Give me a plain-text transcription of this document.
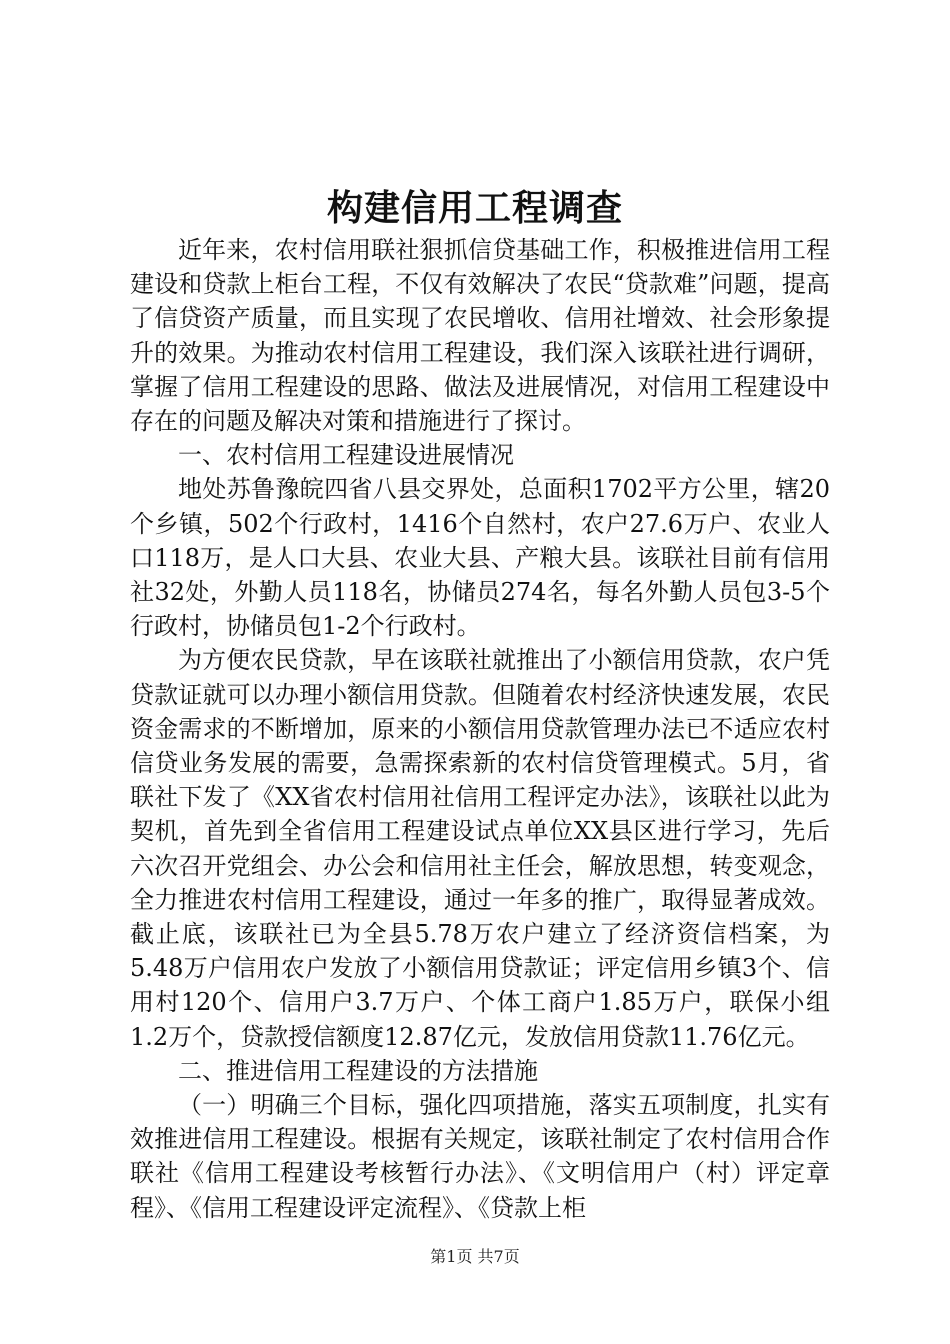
构建信用工程调查

近年来，农村信用联社狠抓信贷基础工作，积极推进信用工程建设和贷款上柜台工程，不仅有效解决了农民“贷款难”问题，提高了信贷资产质量，而且实现了农民增收、信用社增效、社会形象提升的效果。为推动农村信用工程建设，我们深入该联社进行调研，掌握了信用工程建设的思路、做法及进展情况，对信用工程建设中存在的问题及解决对策和措施进行了探讨。

一、农村信用工程建设进展情况

地处苏鲁豫皖四省八县交界处，总面积1702平方公里，辖20个乡镇，502个行政村，1416个自然村，农户27.6万户、农业人口118万，是人口大县、农业大县、产粮大县。该联社目前有信用社32处，外勤人员118名，协储员274名，每名外勤人员包3-5个行政村，协储员包1-2个行政村。

为方便农民贷款，早在该联社就推出了小额信用贷款，农户凭贷款证就可以办理小额信用贷款。但随着农村经济快速发展，农民资金需求的不断增加，原来的小额信用贷款管理办法已不适应农村信贷业务发展的需要，急需探索新的农村信贷管理模式。5月，省联社下发了《XX省农村信用社信用工程评定办法》，该联社以此为契机，首先到全省信用工程建设试点单位XX县区进行学习，先后六次召开党组会、办公会和信用社主任会，解放思想，转变观念，全力推进农村信用工程建设，通过一年多的推广，取得显著成效。截止底，该联社已为全县5.78万农户建立了经济资信档案，为5.48万户信用农户发放了小额信用贷款证；评定信用乡镇3个、信用村120个、信用户3.7万户、个体工商户1.85万户，联保小组1.2万个，贷款授信额度12.87亿元，发放信用贷款11.76亿元。

二、推进信用工程建设的方法措施

（一）明确三个目标，强化四项措施，落实五项制度，扎实有效推进信用工程建设。根据有关规定，该联社制定了农村信用合作联社《信用工程建设考核暂行办法》、《文明信用户（村）评定章程》、《信用工程建设评定流程》、《贷款上柜

第1页 共7页
